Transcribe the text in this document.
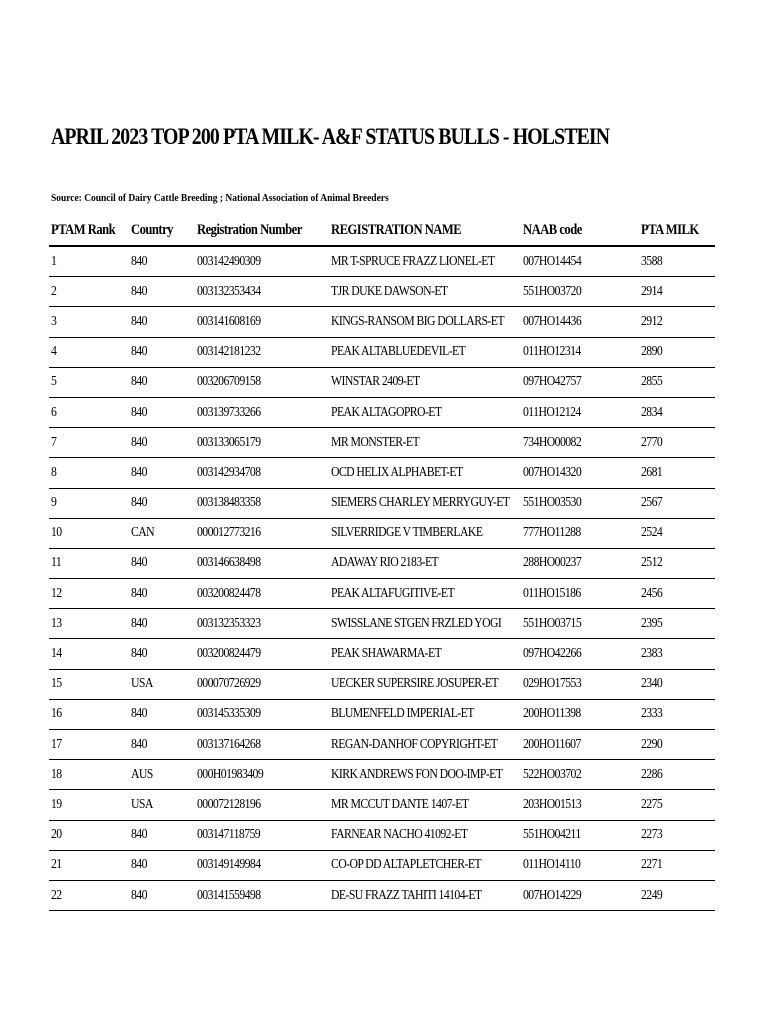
APRIL 2023 TOP 200 PTA MILK- A&F STATUS BULLS - HOLSTEIN
Source: Council of Dairy Cattle Breeding ; National Association of Animal Breeders
PTAM Rank	Country	Registration Number	REGISTRATION NAME	NAAB code	PTA MILK
1	840	003142490309	MR T-SPRUCE FRAZZ LIONEL-ET	007HO14454	3588
2	840	003132353434	TJR DUKE DAWSON-ET	551HO03720	2914
3	840	003141608169	KINGS-RANSOM BIG DOLLARS-ET	007HO14436	2912
4	840	003142181232	PEAK ALTABLUEDEVIL-ET	011HO12314	2890
5	840	003206709158	WINSTAR 2409-ET	097HO42757	2855
6	840	003139733266	PEAK ALTAGOPRO-ET	011HO12124	2834
7	840	003133065179	MR MONSTER-ET	734HO00082	2770
8	840	003142934708	OCD HELIX ALPHABET-ET	007HO14320	2681
9	840	003138483358	SIEMERS CHARLEY MERRYGUY-ET	551HO03530	2567
10	CAN	000012773216	SILVERRIDGE V TIMBERLAKE	777HO11288	2524
11	840	003146638498	ADAWAY RIO 2183-ET	288HO00237	2512
12	840	003200824478	PEAK ALTAFUGITIVE-ET	011HO15186	2456
13	840	003132353323	SWISSLANE STGEN FRZLED YOGI	551HO03715	2395
14	840	003200824479	PEAK SHAWARMA-ET	097HO42266	2383
15	USA	000070726929	UECKER SUPERSIRE JOSUPER-ET	029HO17553	2340
16	840	003145335309	BLUMENFELD IMPERIAL-ET	200HO11398	2333
17	840	003137164268	REGAN-DANHOF COPYRIGHT-ET	200HO11607	2290
18	AUS	000H01983409	KIRK ANDREWS FON DOO-IMP-ET	522HO03702	2286
19	USA	000072128196	MR MCCUT DANTE 1407-ET	203HO01513	2275
20	840	003147118759	FARNEAR NACHO 41092-ET	551HO04211	2273
21	840	003149149984	CO-OP DD ALTAPLETCHER-ET	011HO14110	2271
22	840	003141559498	DE-SU FRAZZ TAHITI 14104-ET	007HO14229	2249
